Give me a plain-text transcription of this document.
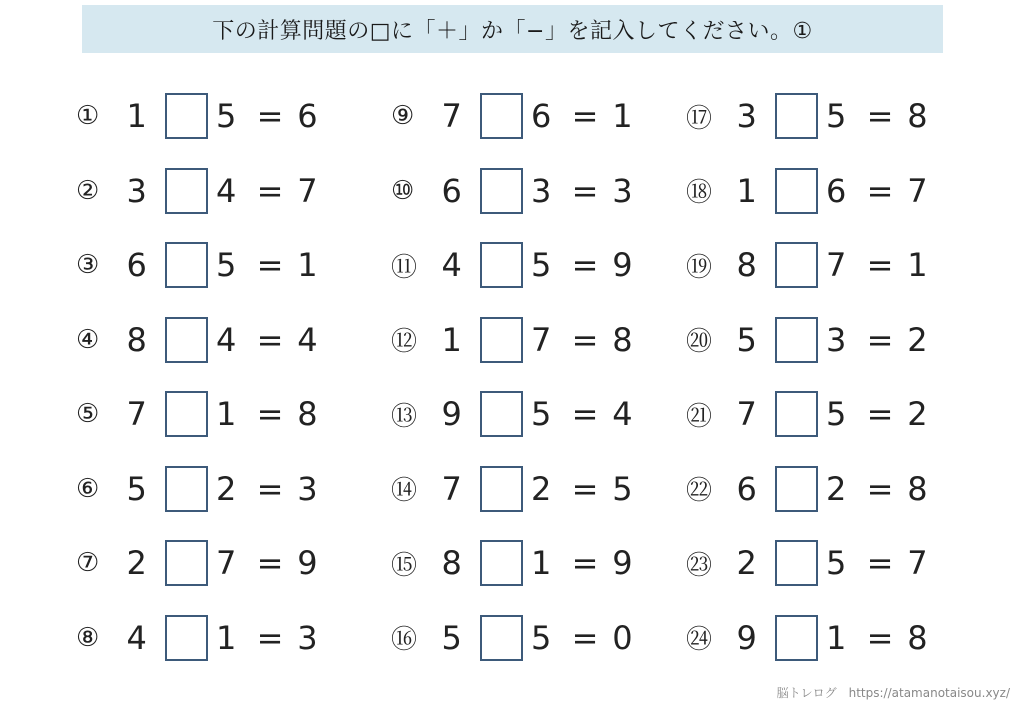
下の計算問題の□に「＋」か「−」を記入してください。①
① 1	5 = 6
② 3	4 = 7
③ 6	5 = 1
④ 8	4 = 4
⑤ 7	1 = 8
⑥ 5	2 = 3
⑦ 2	7 = 9
⑧ 4	1 = 3
⑨ 7	6 = 1
⑩ 6	3 = 3
⑪ 4	5 = 9
⑫ 1	7 = 8
⑬ 9	5 = 4
⑭ 7	2 = 5
⑮ 8	1 = 9
⑯ 5	5 = 0
⑰ 3	5 = 8
⑱ 1	6 = 7
⑲ 8	7 = 1
⑳ 5	3 = 2
㉑ 7	5 = 2
㉒ 6	2 = 8
㉓ 2	5 = 7
㉔ 9	1 = 8
脳トレログ　https://atamanotaisou.xyz/
